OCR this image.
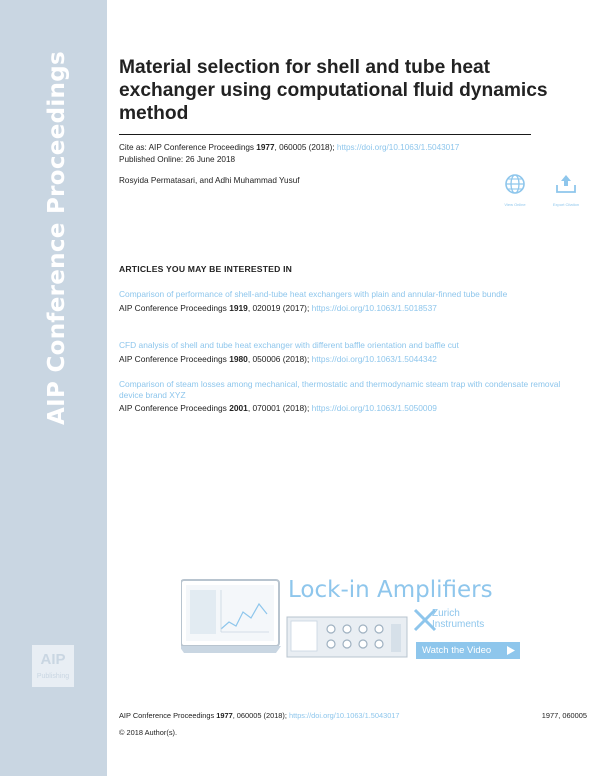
AIP Conference Proceedings
AIP
Publishing
Material selection for shell and tube heat exchanger using computational fluid dynamics method
Cite as: AIP Conference Proceedings 1977, 060005 (2018); https://doi.org/10.1063/1.5043017
Published Online: 26 June 2018
Rosyida Permatasari, and Adhi Muhammad Yusuf
View Online	Export Citation
ARTICLES YOU MAY BE INTERESTED IN
Comparison of performance of shell-and-tube heat exchangers with plain and annular-finned tube bundle
AIP Conference Proceedings 1919, 020019 (2017); https://doi.org/10.1063/1.5018537
CFD analysis of shell and tube heat exchanger with different baffle orientation and baffle cut
AIP Conference Proceedings 1980, 050006 (2018); https://doi.org/10.1063/1.5044342
Comparison of steam losses among mechanical, thermostatic and thermodynamic steam trap with condensate removal device brand XYZ
AIP Conference Proceedings 2001, 070001 (2018); https://doi.org/10.1063/1.5050009
Lock-in Amplifiers
Zurich
Instruments
Watch the Video
AIP Conference Proceedings 1977, 060005 (2018); https://doi.org/10.1063/1.5043017	1977, 060005
© 2018 Author(s).
